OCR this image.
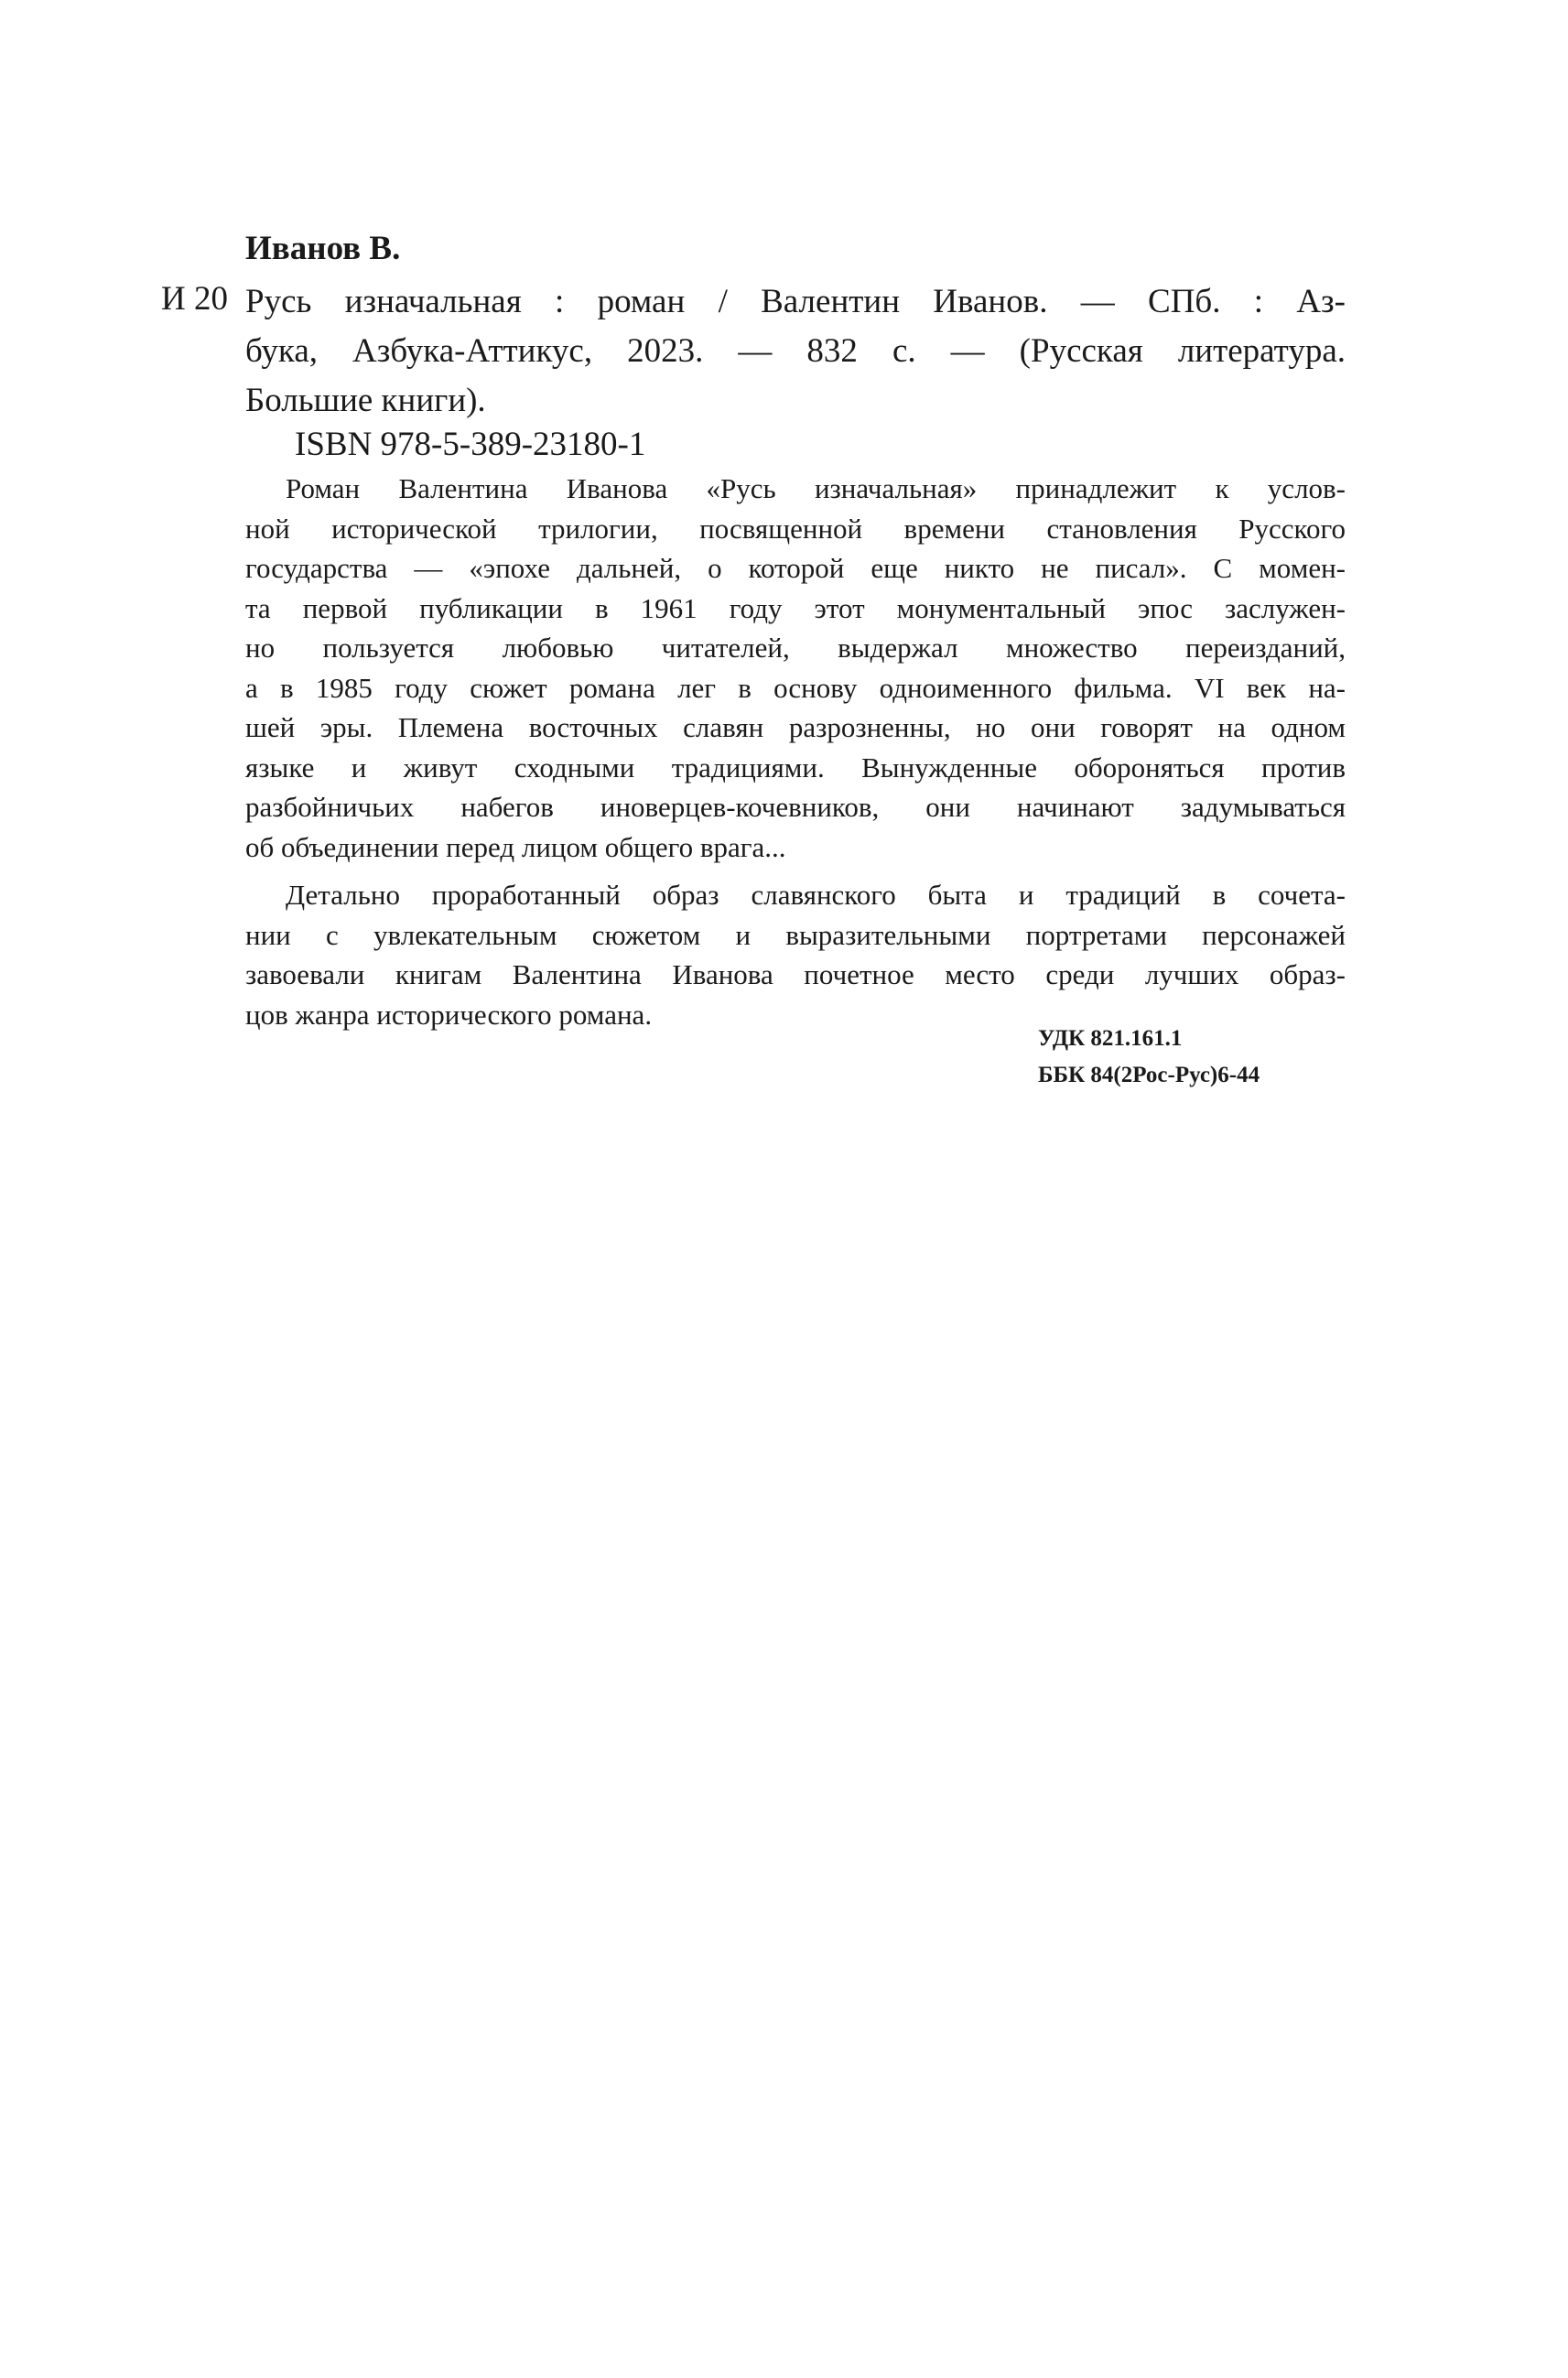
Иванов В.
И 20 Русь изначальная : роман / Валентин Иванов. — СПб. : Аз-
бука, Азбука-Аттикус, 2023. — 832 с. — (Русская литература.
Большие книги).
ISBN 978-5-389-23180-1
Роман Валентина Иванова «Русь изначальная» принадлежит к услов-
ной исторической трилогии, посвященной времени становления Русского
государства — «эпохе дальней, о которой еще никто не писал». С момен-
та первой публикации в 1961 году этот монументальный эпос заслужен-
но пользуется любовью читателей, выдержал множество переизданий,
а в 1985 году сюжет романа лег в основу одноименного фильма. VI век на-
шей эры. Племена восточных славян разрозненны, но они говорят на одном
языке и живут сходными традициями. Вынужденные обороняться против
разбойничьих набегов иноверцев-кочевников, они начинают задумываться
об объединении перед лицом общего врага...
Детально проработанный образ славянского быта и традиций в сочета-
нии с увлекательным сюжетом и выразительными портретами персонажей
завоевали книгам Валентина Иванова почетное место среди лучших образ-
цов жанра исторического романа.
УДК 821.161.1
ББК 84(2Рос-Рус)6-44
